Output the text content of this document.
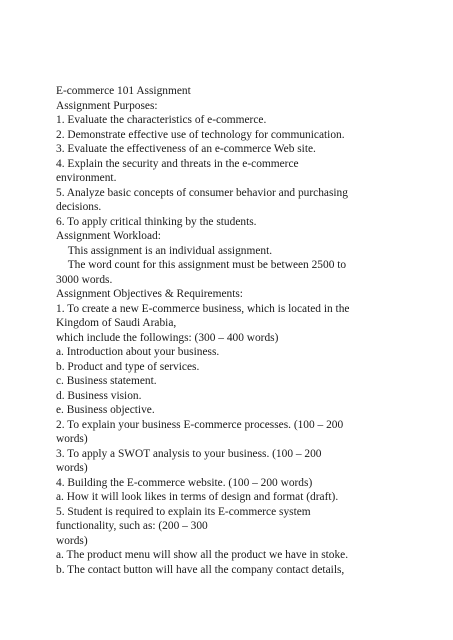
E-commerce 101 Assignment
Assignment Purposes:
1. Evaluate the characteristics of e-commerce.
2. Demonstrate effective use of technology for communication.
3. Evaluate the effectiveness of an e-commerce Web site.
4. Explain the security and threats in the e-commerce
environment.
5. Analyze basic concepts of consumer behavior and purchasing
decisions.
6. To apply critical thinking by the students.
Assignment Workload:
This assignment is an individual assignment.
The word count for this assignment must be between 2500 to
3000 words.
Assignment Objectives & Requirements:
1. To create a new E-commerce business, which is located in the
Kingdom of Saudi Arabia,
which include the followings: (300 – 400 words)
a. Introduction about your business.
b. Product and type of services.
c. Business statement.
d. Business vision.
e. Business objective.
2. To explain your business E-commerce processes. (100 – 200
words)
3. To apply a SWOT analysis to your business. (100 – 200
words)
4. Building the E-commerce website. (100 – 200 words)
a. How it will look likes in terms of design and format (draft).
5. Student is required to explain its E-commerce system
functionality, such as: (200 – 300
words)
a. The product menu will show all the product we have in stoke.
b. The contact button will have all the company contact details,
